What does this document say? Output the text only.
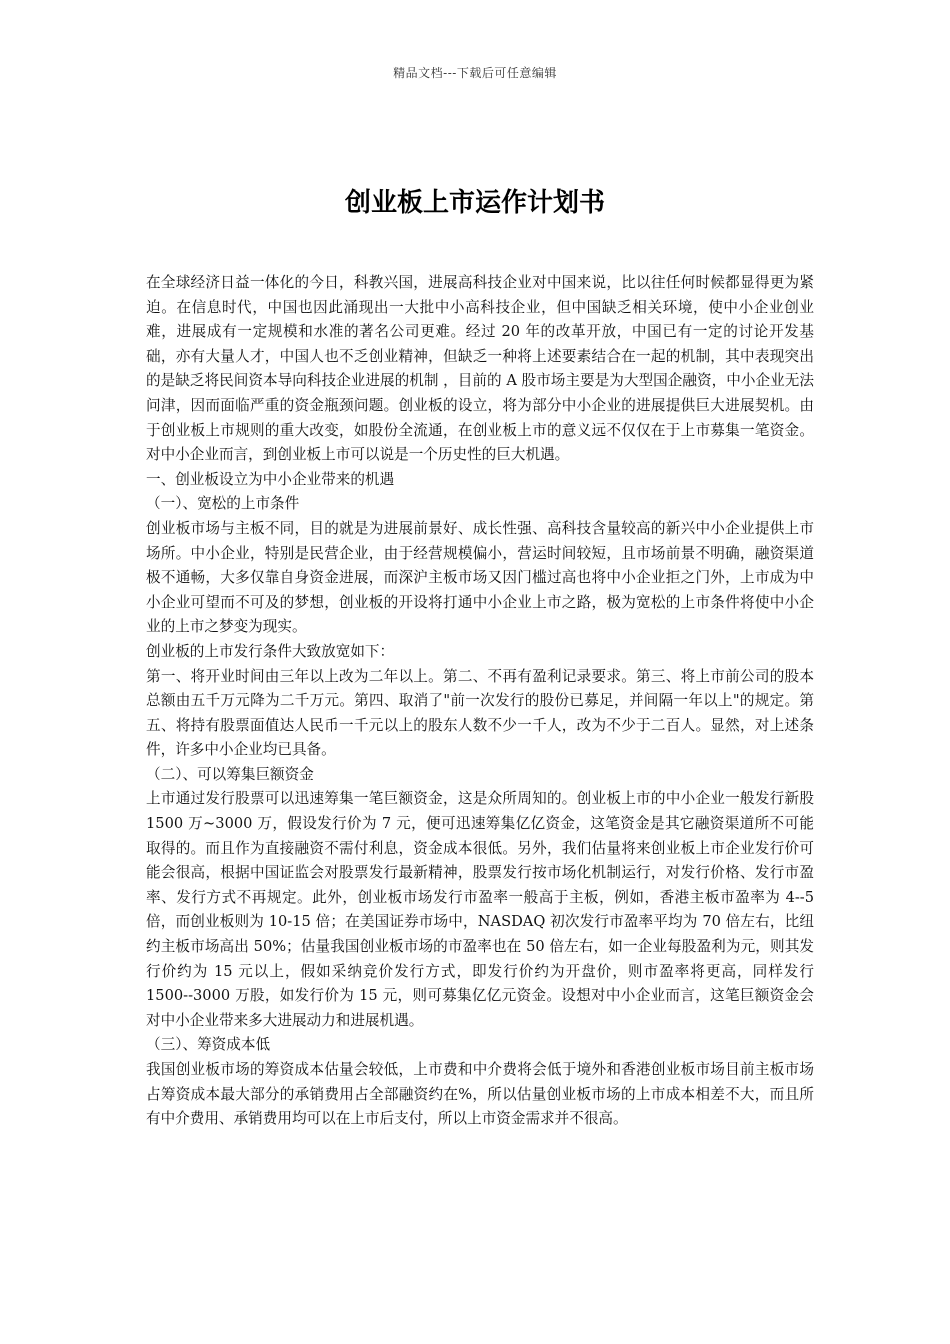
精品文档---下载后可任意编辑
创业板上市运作计划书

在全球经济日益一体化的今日，科教兴国，进展高科技企业对中国来说，比以往任何时候都显得更为紧迫。在信息时代，中国也因此涌现出一大批中小高科技企业，但中国缺乏相关环境，使中小企业创业难，进展成有一定规模和水准的著名公司更难。经过 20 年的改革开放，中国已有一定的讨论开发基础，亦有大量人才，中国人也不乏创业精神，但缺乏一种将上述要素结合在一起的机制，其中表现突出的是缺乏将民间资本导向科技企业进展的机制 ，目前的 A 股市场主要是为大型国企融资，中小企业无法问津，因而面临严重的资金瓶颈问题。创业板的设立，将为部分中小企业的进展提供巨大进展契机。由于创业板上市规则的重大改变，如股份全流通，在创业板上市的意义远不仅仅在于上市募集一笔资金。对中小企业而言，到创业板上市可以说是一个历史性的巨大机遇。

一、创业板设立为中小企业带来的机遇

（一）、宽松的上市条件

创业板市场与主板不同，目的就是为进展前景好、成长性强、高科技含量较高的新兴中小企业提供上市场所。中小企业，特别是民营企业，由于经营规模偏小，营运时间较短，且市场前景不明确，融资渠道极不通畅，大多仅靠自身资金进展，而深沪主板市场又因门槛过高也将中小企业拒之门外，上市成为中小企业可望而不可及的梦想，创业板的开设将打通中小企业上市之路，极为宽松的上市条件将使中小企业的上市之梦变为现实。

创业板的上市发行条件大致放宽如下：

第一、将开业时间由三年以上改为二年以上。第二、不再有盈利记录要求。第三、将上市前公司的股本总额由五千万元降为二千万元。第四、取消了"前一次发行的股份已募足，并间隔一年以上"的规定。第五、将持有股票面值达人民币一千元以上的股东人数不少一千人，改为不少于二百人。显然，对上述条件，许多中小企业均已具备。

（二）、可以筹集巨额资金

上市通过发行股票可以迅速筹集一笔巨额资金，这是众所周知的。创业板上市的中小企业一般发行新股 1500 万~3000 万，假设发行价为 7 元，便可迅速筹集亿亿资金，这笔资金是其它融资渠道所不可能取得的。而且作为直接融资不需付利息，资金成本很低。另外，我们估量将来创业板上市企业发行价可能会很高，根据中国证监会对股票发行最新精神，股票发行按市场化机制运行，对发行价格、发行市盈率、发行方式不再规定。此外，创业板市场发行市盈率一般高于主板，例如，香港主板市盈率为 4--5 倍，而创业板则为 10-15 倍；在美国证券市场中，NASDAQ 初次发行市盈率平均为 70 倍左右，比纽约主板市场高出 50%；估量我国创业板市场的市盈率也在 50 倍左右，如一企业每股盈利为元，则其发行价约为 15 元以上，假如采纳竞价发行方式，即发行价约为开盘价，则市盈率将更高，同样发行 1500--3000 万股，如发行价为 15 元，则可募集亿亿元资金。设想对中小企业而言，这笔巨额资金会对中小企业带来多大进展动力和进展机遇。

（三）、筹资成本低

我国创业板市场的筹资成本估量会较低，上市费和中介费将会低于境外和香港创业板市场目前主板市场占筹资成本最大部分的承销费用占全部融资约在%，所以估量创业板市场的上市成本相差不大，而且所有中介费用、承销费用均可以在上市后支付，所以上市资金需求并不很高。
